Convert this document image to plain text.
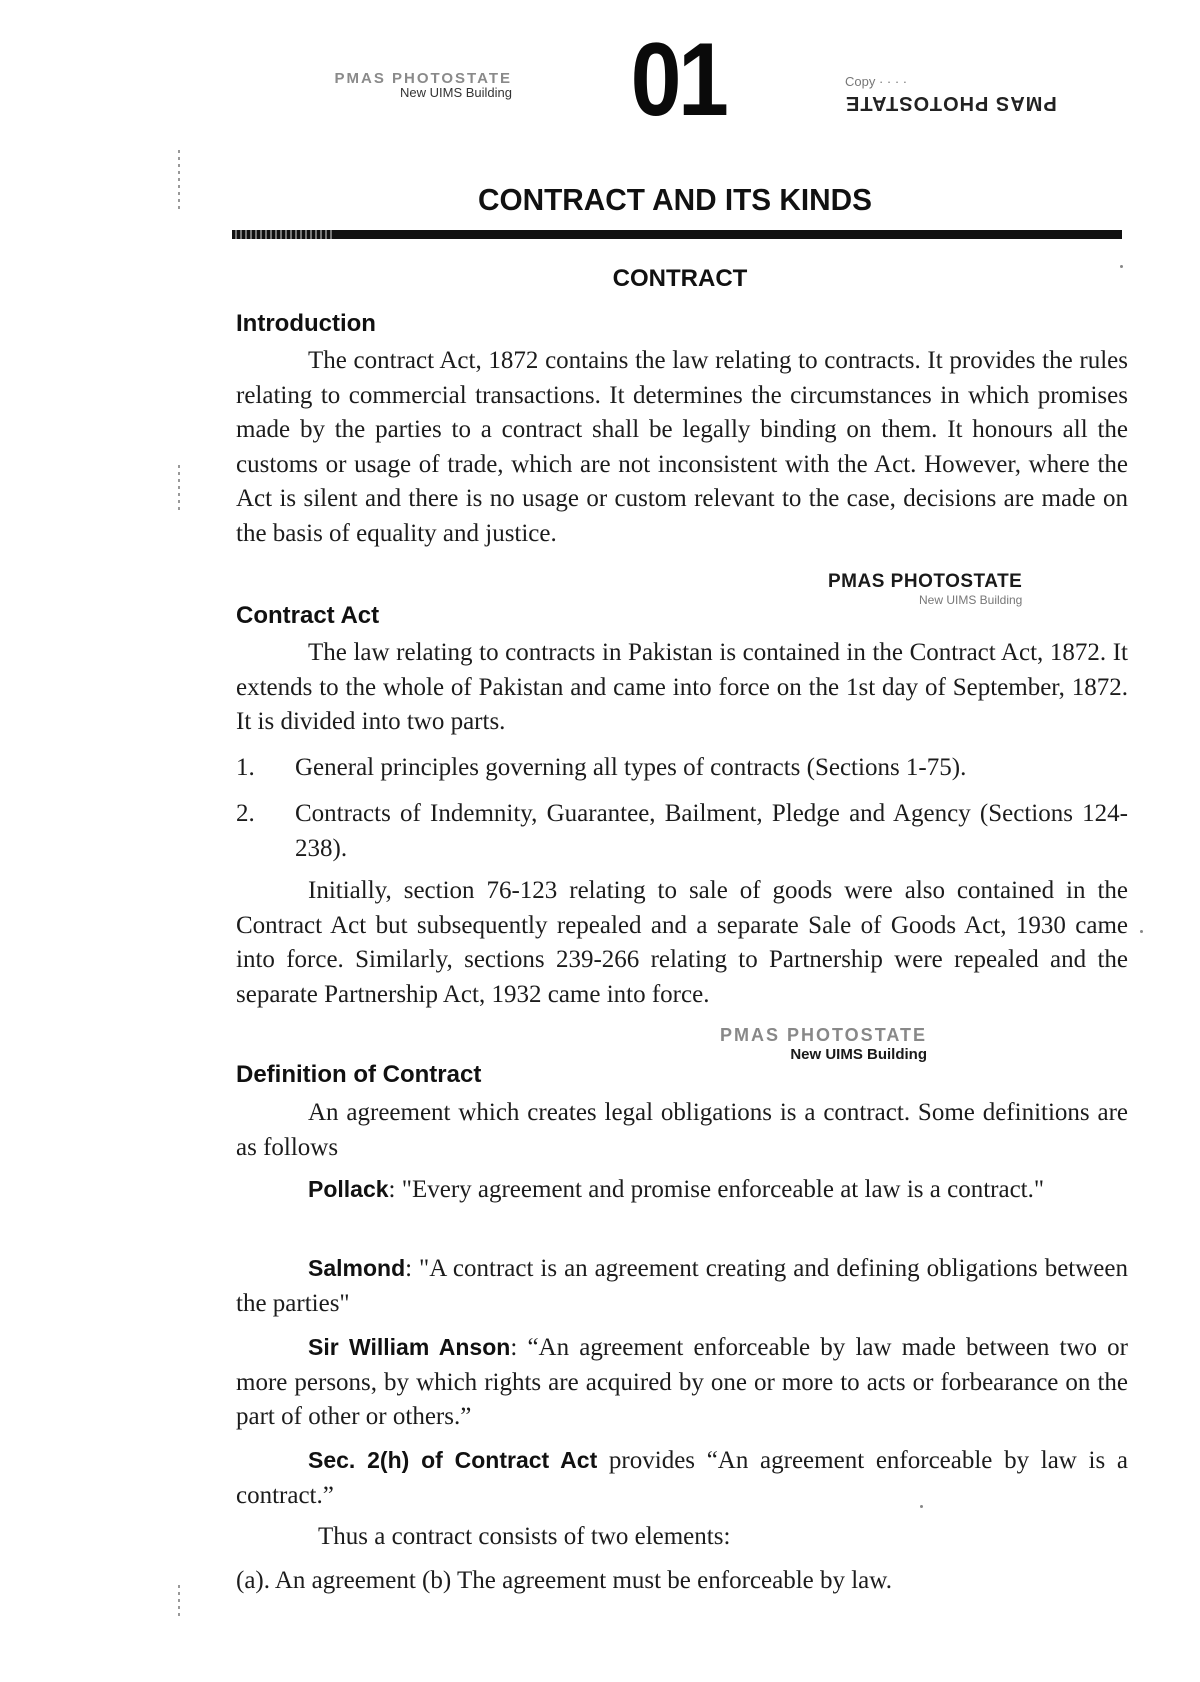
PMAS PHOTOSTATE
New UIMS Building 01	Copy · · · ·
PMAS PHOTOSTATE
CONTRACT AND ITS KINDS
CONTRACT
Introduction

The contract Act, 1872 contains the law relating to contracts. It provides the rules relating to commercial transactions. It determines the circumstances in which promises made by the parties to a contract shall be legally binding on them. It honours all the customs or usage of trade, which are not inconsistent with the Act. However, where the Act is silent and there is no usage or custom relevant to the case, decisions are made on the basis of equality and justice.

PMAS PHOTOSTATE
New UIMS Building
Contract Act

The law relating to contracts in Pakistan is contained in the Contract Act, 1872. It extends to the whole of Pakistan and came into force on the 1st day of September, 1872. It is divided into two parts.

1.	General principles governing all types of contracts (Sections 1-75).
2.	Contracts of Indemnity, Guarantee, Bailment, Pledge and Agency (Sections 124-238).

Initially, section 76-123 relating to sale of goods were also contained in the Contract Act but subsequently repealed and a separate Sale of Goods Act, 1930 came into force. Similarly, sections 239-266 relating to Partnership were repealed and the separate Partnership Act, 1932 came into force.

PMAS PHOTOSTATE
New UIMS Building
Definition of Contract

An agreement which creates legal obligations is a contract. Some definitions are as follows

Pollack: "Every agreement and promise enforceable at law is a contract."

Salmond: "A contract is an agreement creating and defining obligations between the parties"

Sir William Anson: “An agreement enforceable by law made between two or more persons, by which rights are acquired by one or more to acts or forbearance on the part of other or others.”

Sec. 2(h) of Contract Act provides “An agreement enforceable by law is a contract.”

Thus a contract consists of two elements:

(a). An agreement (b) The agreement must be enforceable by law.
